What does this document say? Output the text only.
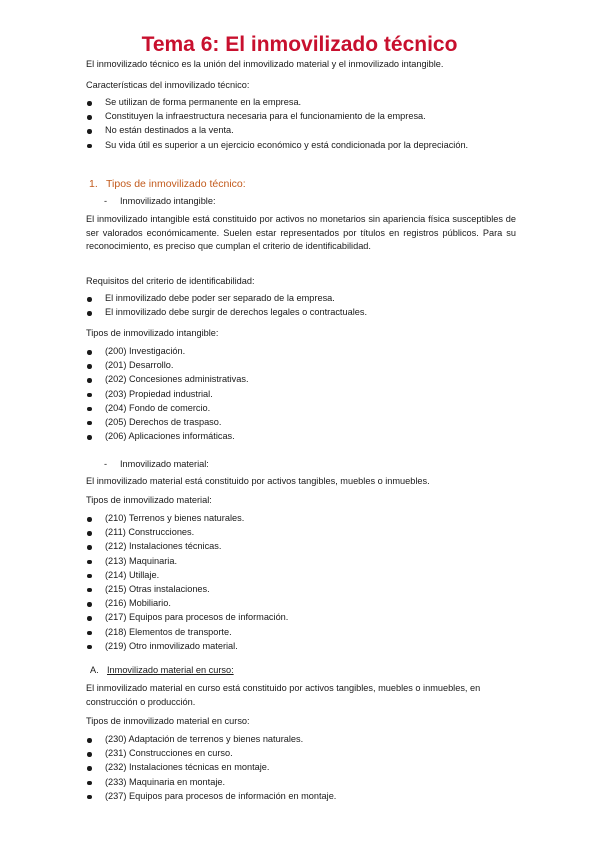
Tema 6: El inmovilizado técnico

El inmovilizado técnico es la unión del inmovilizado material y el inmovilizado intangible.

Características del inmovilizado técnico:

Se utilizan de forma permanente en la empresa.
Constituyen la infraestructura necesaria para el funcionamiento de la empresa.
No están destinados a la venta.
Su vida útil es superior a un ejercicio económico y está condicionada por la depreciación.
1. Tipos de inmovilizado técnico:
- Inmovilizado intangible:

El inmovilizado intangible está constituido por activos no monetarios sin apariencia física susceptibles de ser valorados económicamente. Suelen estar representados por títulos en registros públicos. Para su reconocimiento, es preciso que cumplan el criterio de identificabilidad.

Requisitos del criterio de identificabilidad:

El inmovilizado debe poder ser separado de la empresa.
El inmovilizado debe surgir de derechos legales o contractuales.

Tipos de inmovilizado intangible:

(200) Investigación.
(201) Desarrollo.
(202) Concesiones administrativas.
(203) Propiedad industrial.
(204) Fondo de comercio.
(205) Derechos de traspaso.
(206) Aplicaciones informáticas.
- Inmovilizado material:

El inmovilizado material está constituido por activos tangibles, muebles o inmuebles.

Tipos de inmovilizado material:

(210) Terrenos y bienes naturales.
(211) Construcciones.
(212) Instalaciones técnicas.
(213) Maquinaria.
(214) Utillaje.
(215) Otras instalaciones.
(216) Mobiliario.
(217) Equipos para procesos de información.
(218) Elementos de transporte.
(219) Otro inmovilizado material.
A. Inmovilizado material en curso:

El inmovilizado material en curso está constituido por activos tangibles, muebles o inmuebles, en construcción o producción.

Tipos de inmovilizado material en curso:

(230) Adaptación de terrenos y bienes naturales.
(231) Construcciones en curso.
(232) Instalaciones técnicas en montaje.
(233) Maquinaria en montaje.
(237) Equipos para procesos de información en montaje.
